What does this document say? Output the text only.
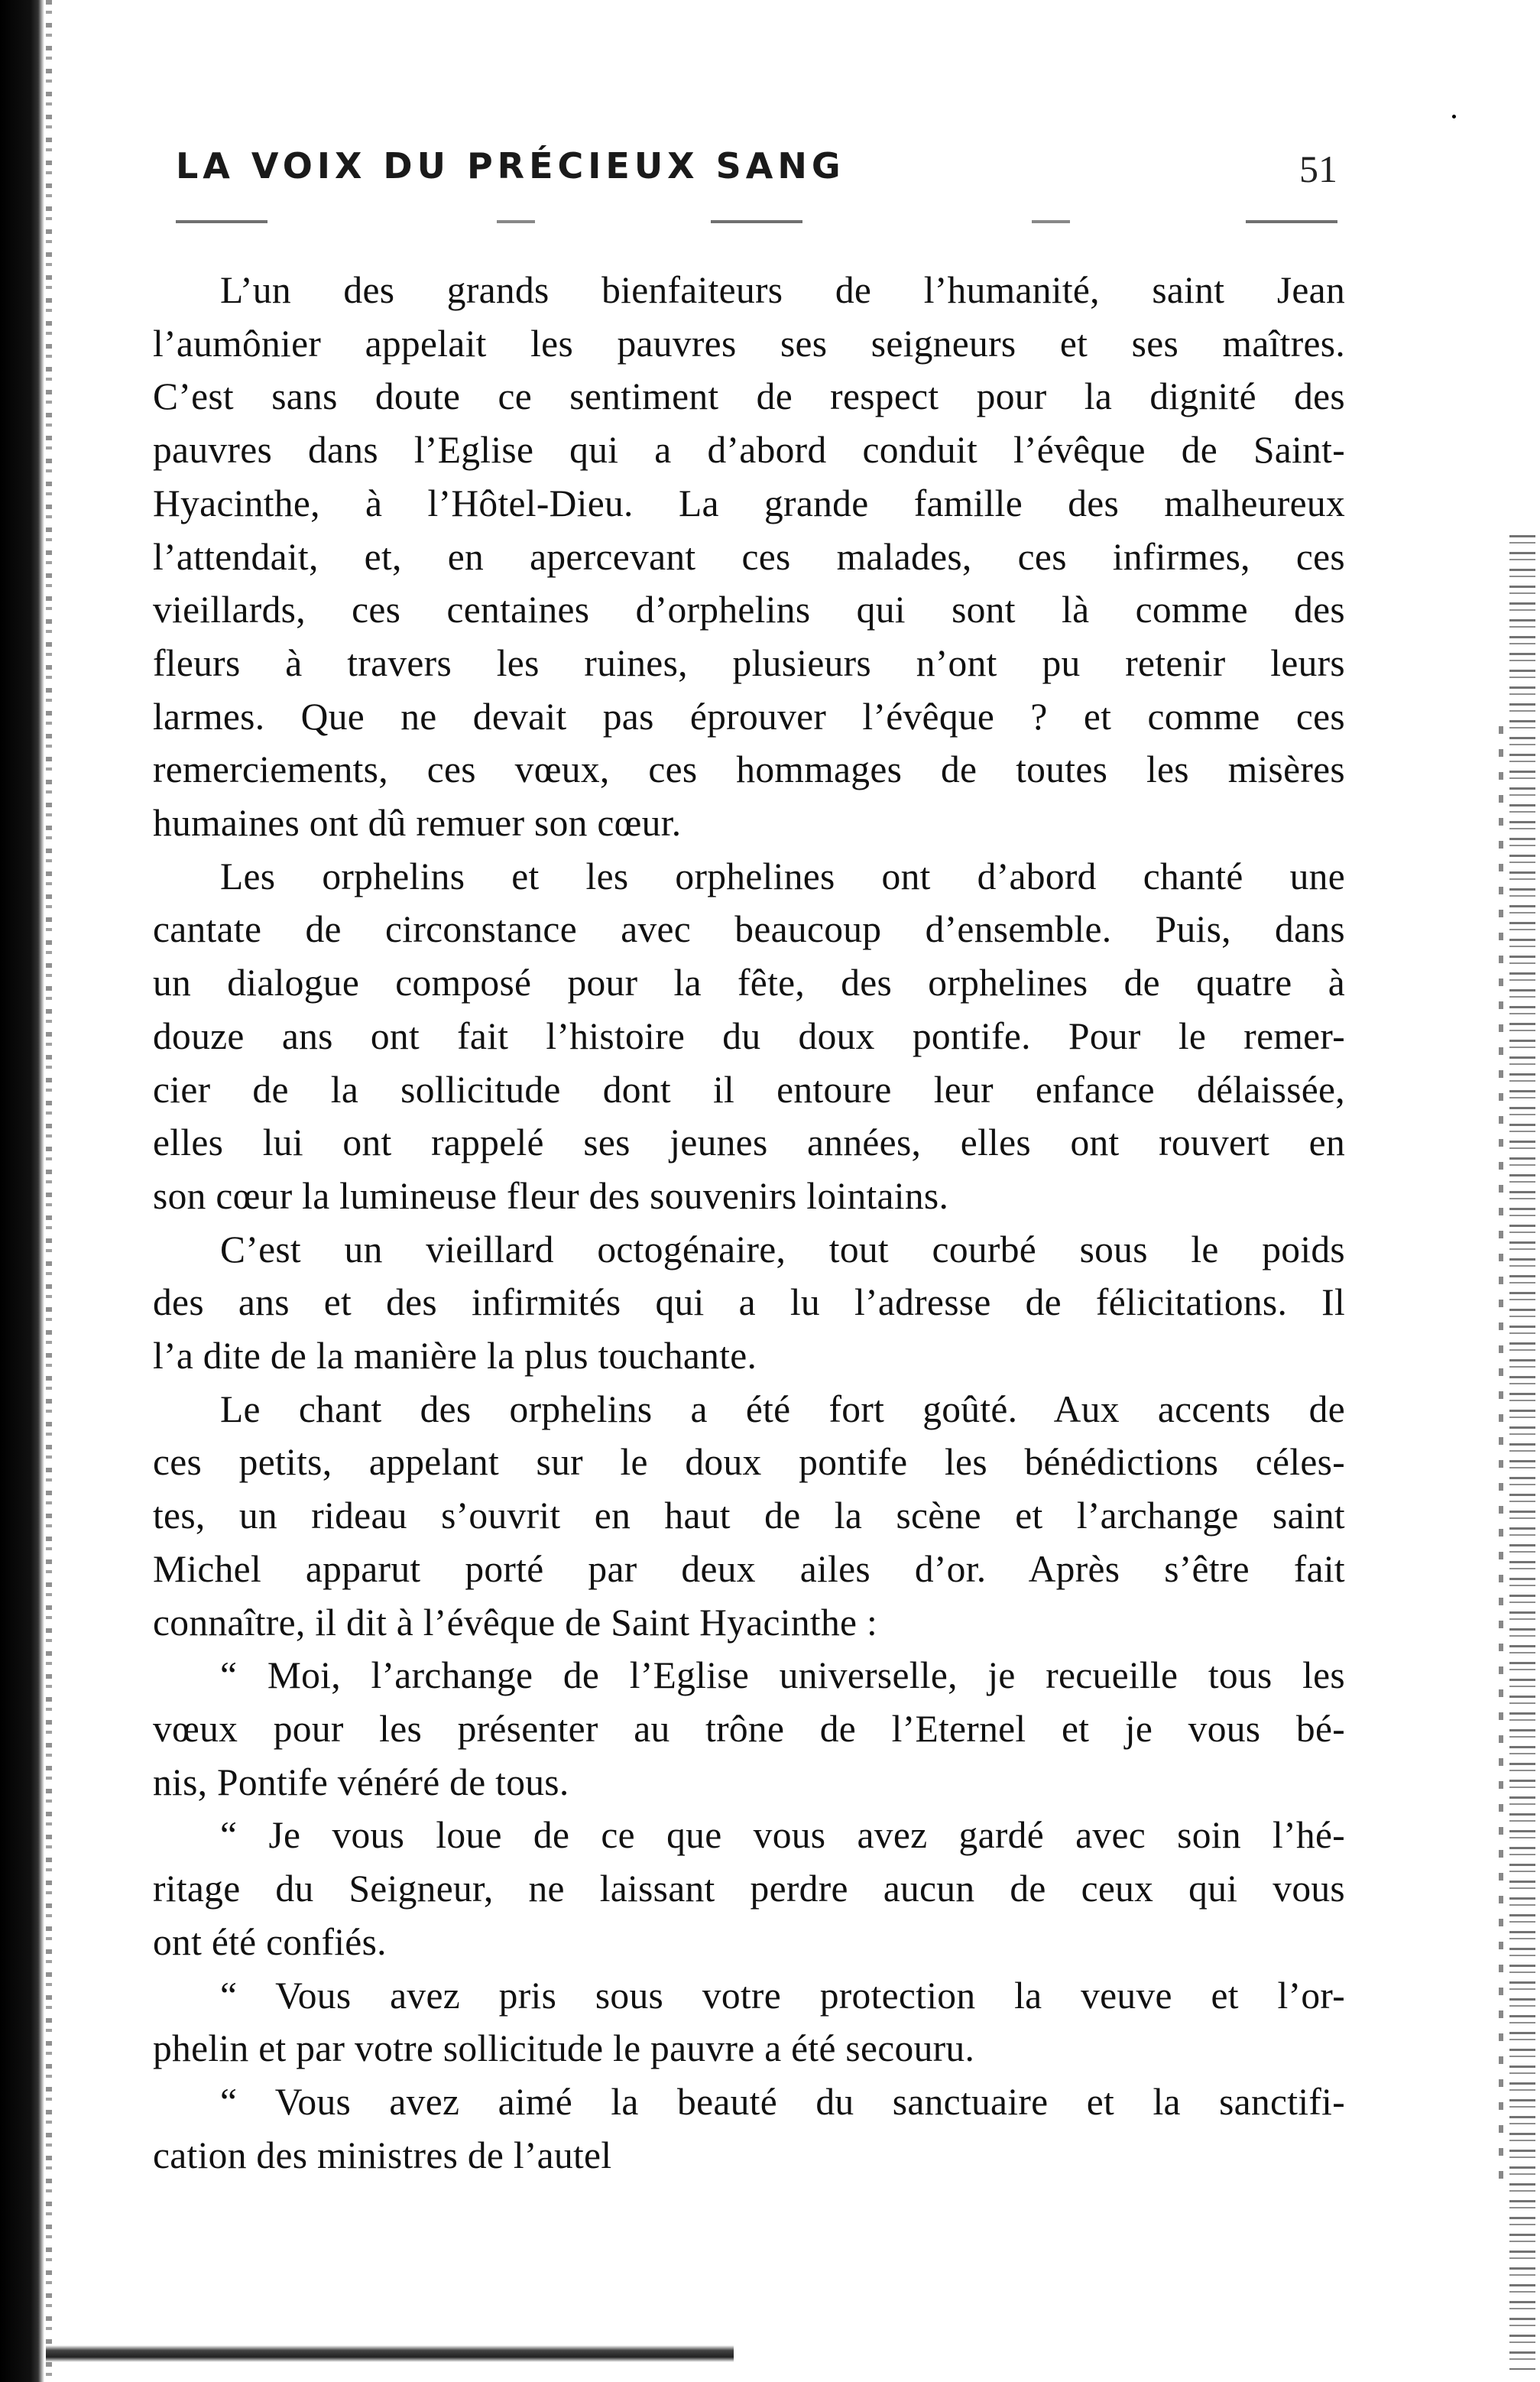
LA VOIX DU PRÉCIEUX SANG	51

L’un des grands bienfaiteurs de l’humanité, saint Jean
l’aumônier appelait les pauvres ses seigneurs et ses maîtres.
C’est sans doute ce sentiment de respect pour la dignité des
pauvres dans l’Eglise qui a d’abord conduit l’évêque de Saint-
Hyacinthe, à l’Hôtel-Dieu. La grande famille des malheureux
l’attendait, et, en apercevant ces malades, ces infirmes, ces
vieillards, ces centaines d’orphelins qui sont là comme des
fleurs à travers les ruines, plusieurs n’ont pu retenir leurs
larmes. Que ne devait pas éprouver l’évêque ? et comme ces
remerciements, ces vœux, ces hommages de toutes les misères
humaines ont dû remuer son cœur.

Les orphelins et les orphelines ont d’abord chanté une
cantate de circonstance avec beaucoup d’ensemble. Puis, dans
un dialogue composé pour la fête, des orphelines de quatre à
douze ans ont fait l’histoire du doux pontife. Pour le remer-
cier de la sollicitude dont il entoure leur enfance délaissée,
elles lui ont rappelé ses jeunes années, elles ont rouvert en
son cœur la lumineuse fleur des souvenirs lointains.

C’est un vieillard octogénaire, tout courbé sous le poids
des ans et des infirmités qui a lu l’adresse de félicitations. Il
l’a dite de la manière la plus touchante.

Le chant des orphelins a été fort goûté. Aux accents de
ces petits, appelant sur le doux pontife les bénédictions céles-
tes, un rideau s’ouvrit en haut de la scène et l’archange saint
Michel apparut porté par deux ailes d’or. Après s’être fait
connaître, il dit à l’évêque de Saint Hyacinthe :

“ Moi, l’archange de l’Eglise universelle, je recueille tous les
vœux pour les présenter au trône de l’Eternel et je vous bé-
nis, Pontife vénéré de tous.

“ Je vous loue de ce que vous avez gardé avec soin l’hé-
ritage du Seigneur, ne laissant perdre aucun de ceux qui vous
ont été confiés.

“ Vous avez pris sous votre protection la veuve et l’or-
phelin et par votre sollicitude le pauvre a été secouru.

“ Vous avez aimé la beauté du sanctuaire et la sanctifi-
cation des ministres de l’autel
